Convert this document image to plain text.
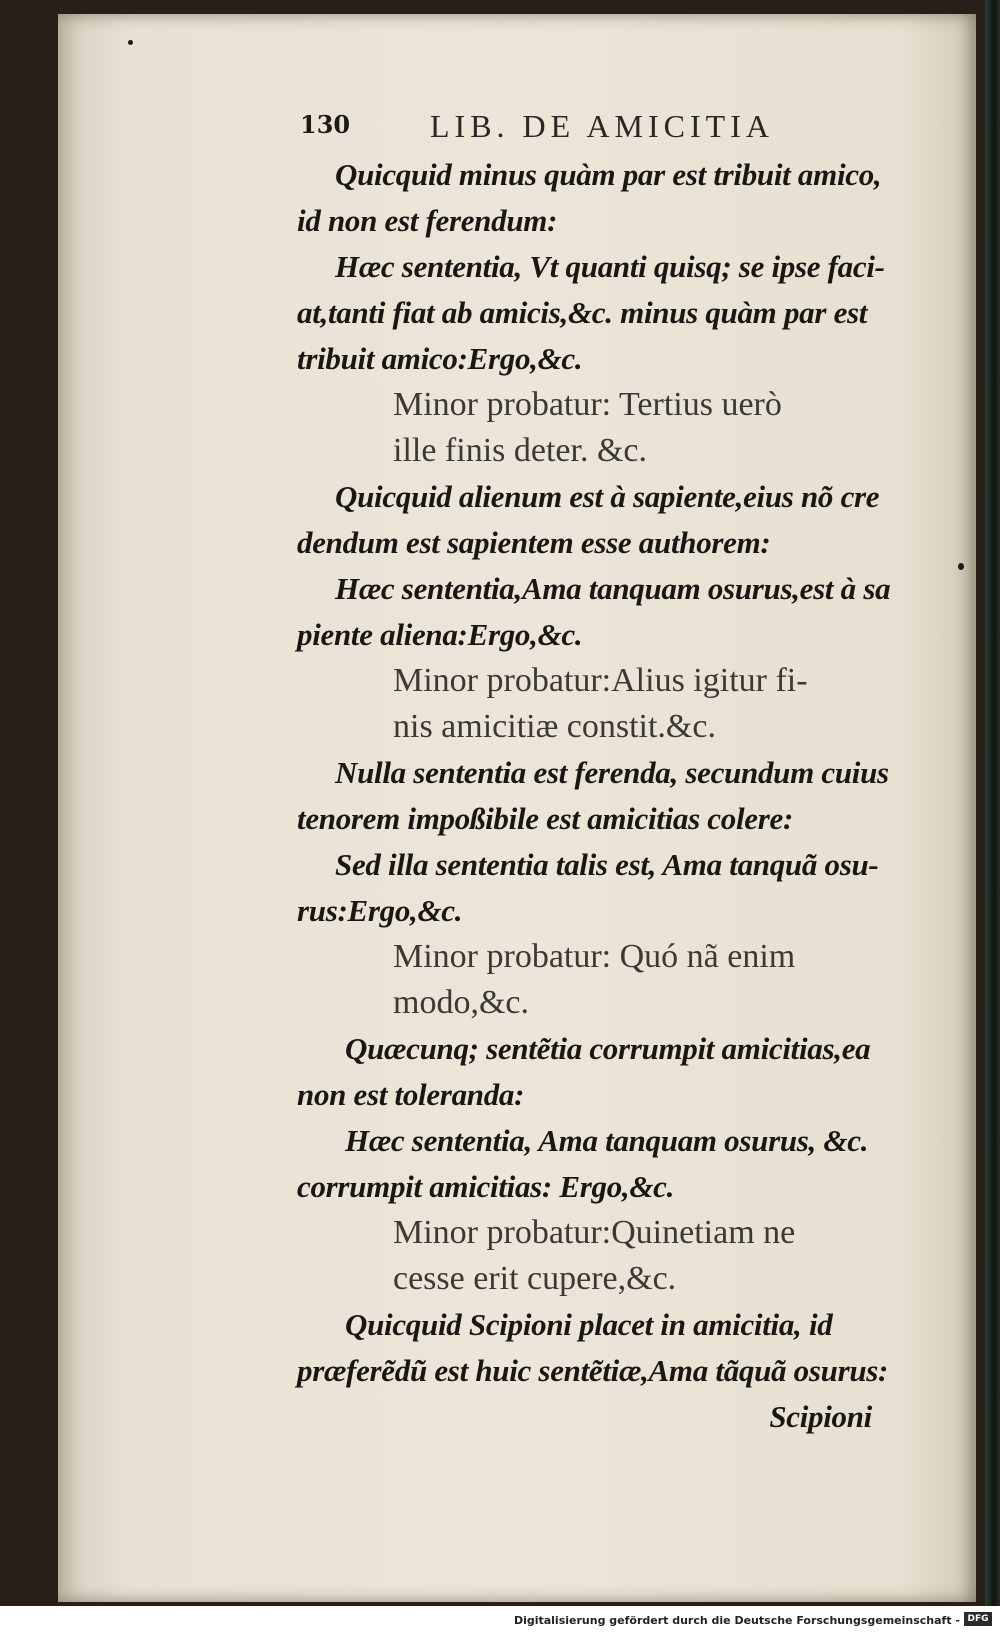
130 LIB. DE AMICITIA
Quicquid minus quàm par est tribuit amico,
id non est ferendum:
Hæc sententia, Vt quanti quisq; se ipse faci-
at,tanti fiat ab amicis,&c. minus quàm par est
tribuit amico:Ergo,&c.
Minor probatur: Tertius uerò
ille finis deter. &c.
Quicquid alienum est à sapiente,eius nõ cre
dendum est sapientem esse authorem:
Hæc sententia,Ama tanquam osurus,est à sa
piente aliena:Ergo,&c.
Minor probatur:Alius igitur fi-
nis amicitiæ constit.&c.
Nulla sententia est ferenda, secundum cuius
tenorem impoßibile est amicitias colere:
Sed illa sententia talis est, Ama tanquã osu-
rus:Ergo,&c.
Minor probatur: Quó nã enim
modo,&c.
Quæcunq; sentẽtia corrumpit amicitias,ea
non est toleranda:
Hæc sententia, Ama tanquam osurus, &c.
corrumpit amicitias: Ergo,&c.
Minor probatur:Quinetiam ne
cesse erit cupere,&c.
Quicquid Scipioni placet in amicitia, id
præferẽdũ est huic sentẽtiæ,Ama tãquã osurus:
Scipioni
Digitalisierung gefördert durch die Deutsche Forschungsgemeinschaft - DFG
